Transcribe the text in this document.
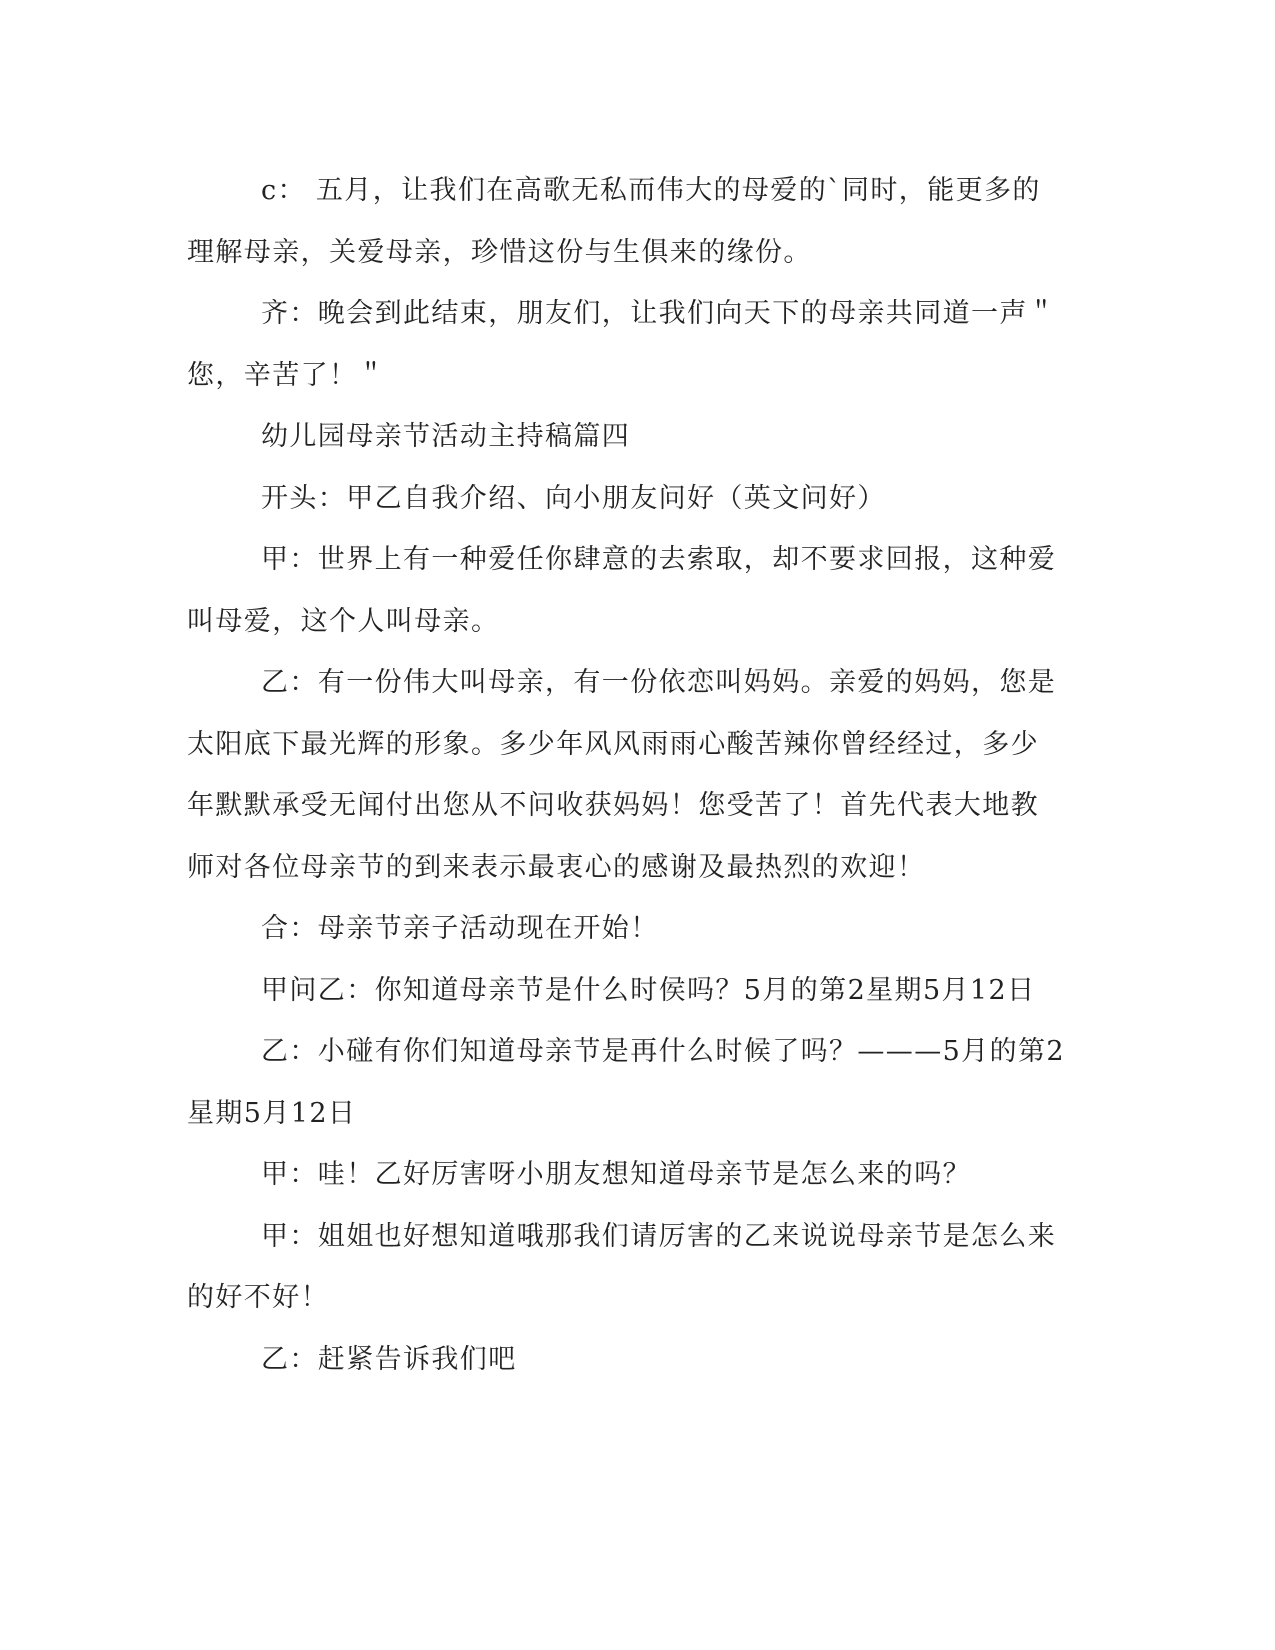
c： 五月，让我们在高歌无私而伟大的母爱的`同时，能更多的理解母亲，关爱母亲，珍惜这份与生俱来的缘份。

齐：晚会到此结束，朋友们，让我们向天下的母亲共同道一声＂您，辛苦了！＂

幼儿园母亲节活动主持稿篇四

开头：甲乙自我介绍、向小朋友问好（英文问好）

甲：世界上有一种爱任你肆意的去索取，却不要求回报，这种爱叫母爱，这个人叫母亲。

乙：有一份伟大叫母亲，有一份依恋叫妈妈。亲爱的妈妈，您是太阳底下最光辉的形象。多少年风风雨雨心酸苦辣你曾经经过，多少年默默承受无闻付出您从不问收获妈妈！您受苦了！首先代表大地教师对各位母亲节的到来表示最衷心的感谢及最热烈的欢迎！

合：母亲节亲子活动现在开始！

甲问乙：你知道母亲节是什么时侯吗？5月的第2星期5月12日

乙：小碰有你们知道母亲节是再什么时候了吗？———5月的第2星期5月12日

甲：哇！乙好厉害呀小朋友想知道母亲节是怎么来的吗？

甲：姐姐也好想知道哦那我们请厉害的乙来说说母亲节是怎么来的好不好！

乙：赶紧告诉我们吧
